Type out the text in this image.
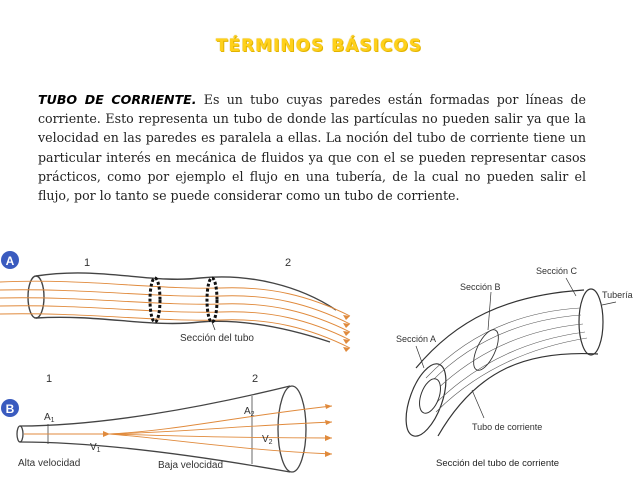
TÉRMINOS BÁSICOS
TUBO DE CORRIENTE. Es un tubo cuyas paredes están formadas por líneas de corriente. Esto representa un tubo de donde las partículas no pueden salir ya que la velocidad en las paredes es paralela a ellas. La noción del tubo de corriente tiene un particular interés en mecánica de fluidos ya que con el se pueden representar casos prácticos, como por ejemplo el flujo en una tubería, de la cual no pueden salir el flujo, por lo tanto se puede considerar como un tubo de corriente.
A	1	2
Sección del tubo
1	2
B
$A_1$
$V_1$
$A_2$
$V_2$
Alta velocidad	Baja velocidad
Sección B
Sección C
Tubería
Sección A
Tubo de corriente
Sección del tubo de corriente
